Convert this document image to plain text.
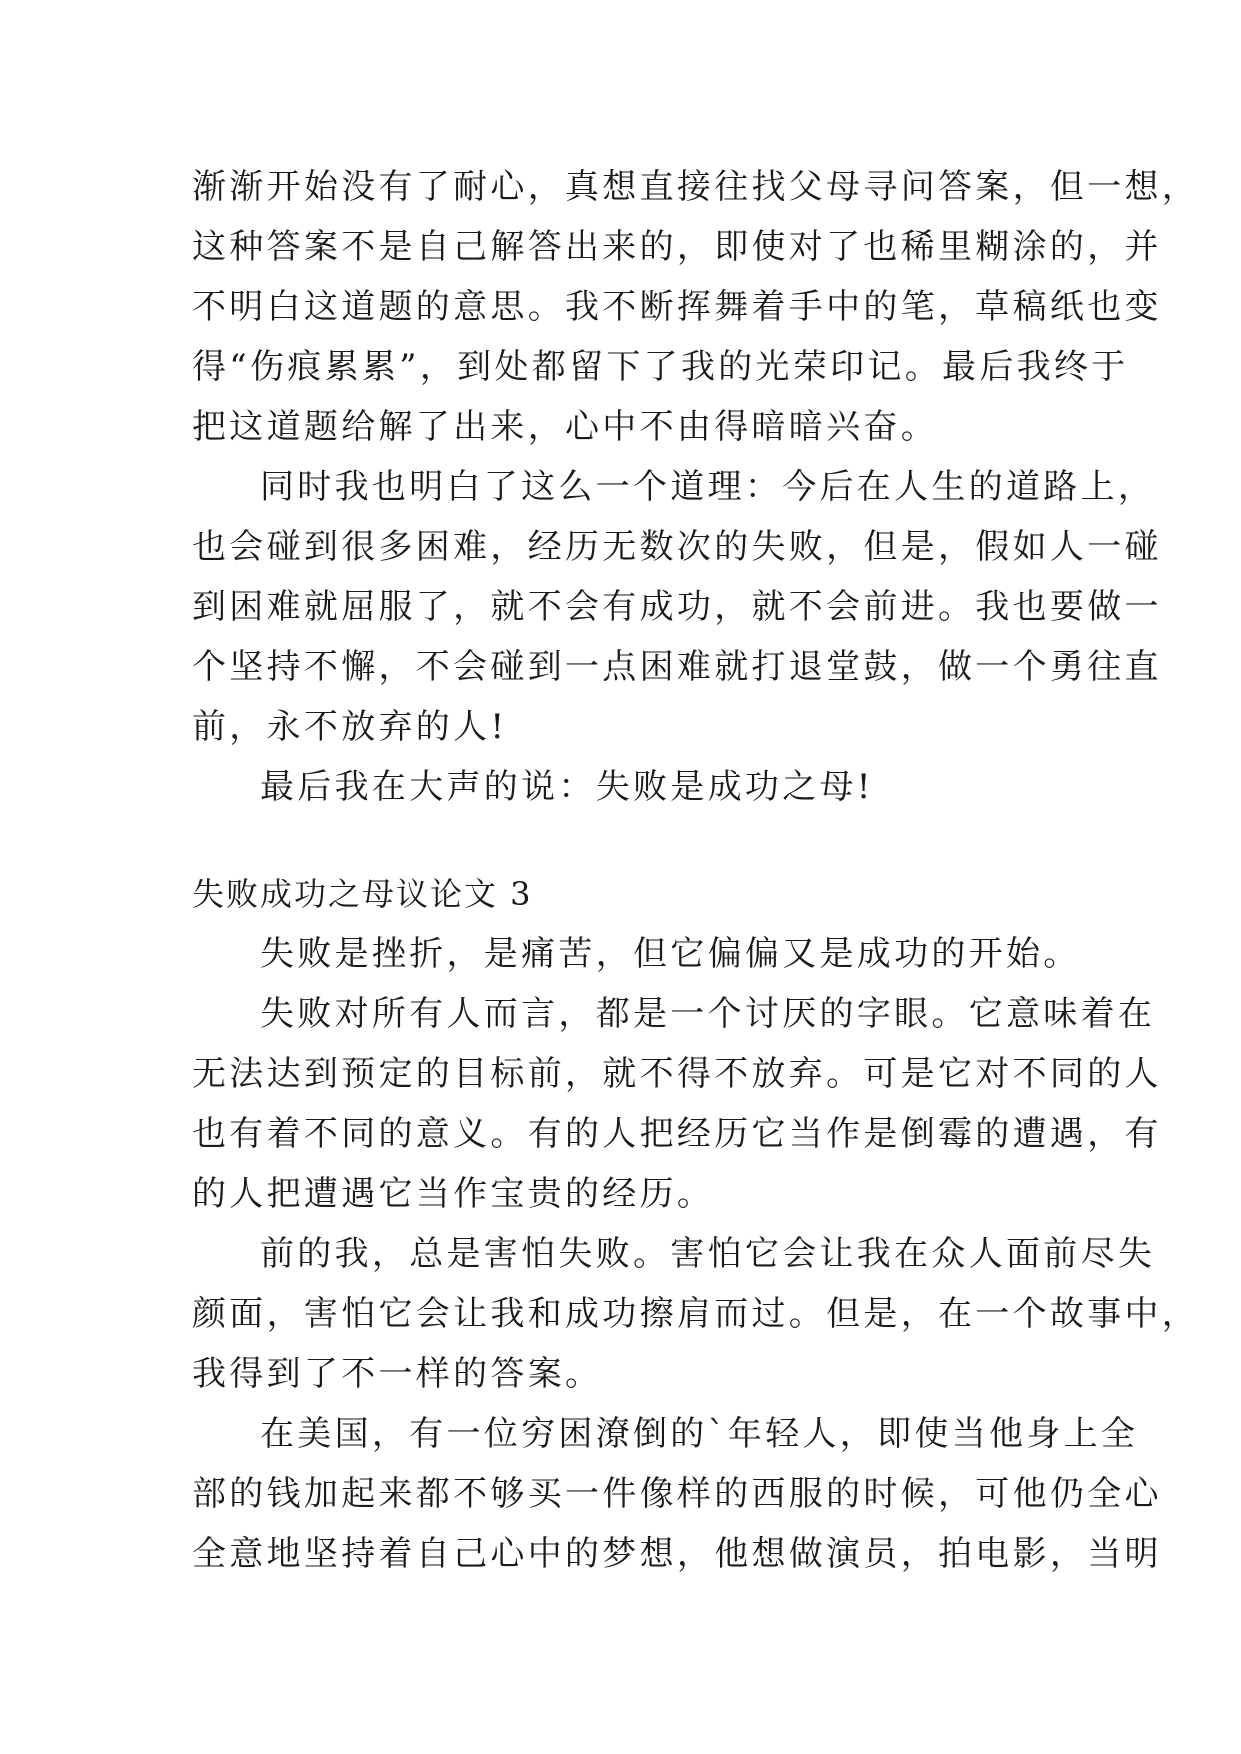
渐渐开始没有了耐心，真想直接往找父母寻问答案，但一想，
这种答案不是自己解答出来的，即使对了也稀里糊涂的，并
不明白这道题的意思。我不断挥舞着手中的笔，草稿纸也变
得“伤痕累累”，到处都留下了我的光荣印记。最后我终于
把这道题给解了出来，心中不由得暗暗兴奋。
同时我也明白了这么一个道理：今后在人生的道路上，
也会碰到很多困难，经历无数次的失败，但是，假如人一碰
到困难就屈服了，就不会有成功，就不会前进。我也要做一
个坚持不懈，不会碰到一点困难就打退堂鼓，做一个勇往直
前，永不放弃的人!
最后我在大声的说：失败是成功之母!
失败成功之母议论文 3
失败是挫折，是痛苦，但它偏偏又是成功的开始。
失败对所有人而言，都是一个讨厌的字眼。它意味着在
无法达到预定的目标前，就不得不放弃。可是它对不同的人
也有着不同的意义。有的人把经历它当作是倒霉的遭遇，有
的人把遭遇它当作宝贵的经历。
前的我，总是害怕失败。害怕它会让我在众人面前尽失
颜面，害怕它会让我和成功擦肩而过。但是，在一个故事中，
我得到了不一样的答案。
在美国，有一位穷困潦倒的`年轻人，即使当他身上全
部的钱加起来都不够买一件像样的西服的时候，可他仍全心
全意地坚持着自己心中的梦想，他想做演员，拍电影，当明
